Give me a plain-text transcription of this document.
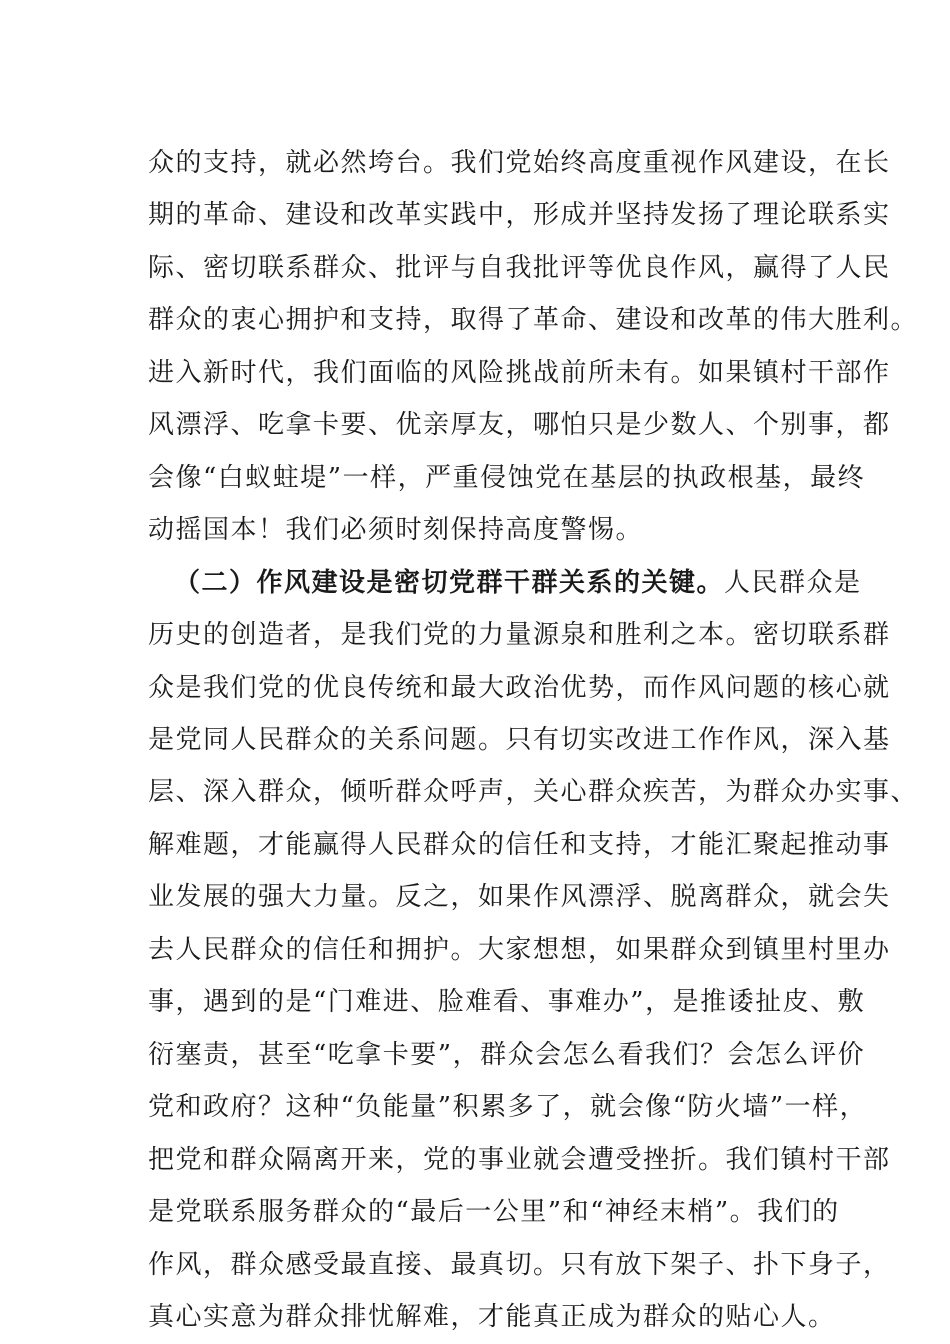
众的支持，就必然垮台。我们党始终高度重视作风建设，在长
期的革命、建设和改革实践中，形成并坚持发扬了理论联系实
际、密切联系群众、批评与自我批评等优良作风，赢得了人民
群众的衷心拥护和支持，取得了革命、建设和改革的伟大胜利。
进入新时代，我们面临的风险挑战前所未有。如果镇村干部作
风漂浮、吃拿卡要、优亲厚友，哪怕只是少数人、个别事，都
会像“白蚁蛀堤”一样，严重侵蚀党在基层的执政根基，最终
动摇国本！我们必须时刻保持高度警惕。
（二）作风建设是密切党群干群关系的关键。人民群众是
历史的创造者，是我们党的力量源泉和胜利之本。密切联系群
众是我们党的优良传统和最大政治优势，而作风问题的核心就
是党同人民群众的关系问题。只有切实改进工作作风，深入基
层、深入群众，倾听群众呼声，关心群众疾苦，为群众办实事、
解难题，才能赢得人民群众的信任和支持，才能汇聚起推动事
业发展的强大力量。反之，如果作风漂浮、脱离群众，就会失
去人民群众的信任和拥护。大家想想，如果群众到镇里村里办
事，遇到的是“门难进、脸难看、事难办”，是推诿扯皮、敷
衍塞责，甚至“吃拿卡要”，群众会怎么看我们？会怎么评价
党和政府？这种“负能量”积累多了，就会像“防火墙”一样，
把党和群众隔离开来，党的事业就会遭受挫折。我们镇村干部
是党联系服务群众的“最后一公里”和“神经末梢”。我们的
作风，群众感受最直接、最真切。只有放下架子、扑下身子，
真心实意为群众排忧解难，才能真正成为群众的贴心人。
